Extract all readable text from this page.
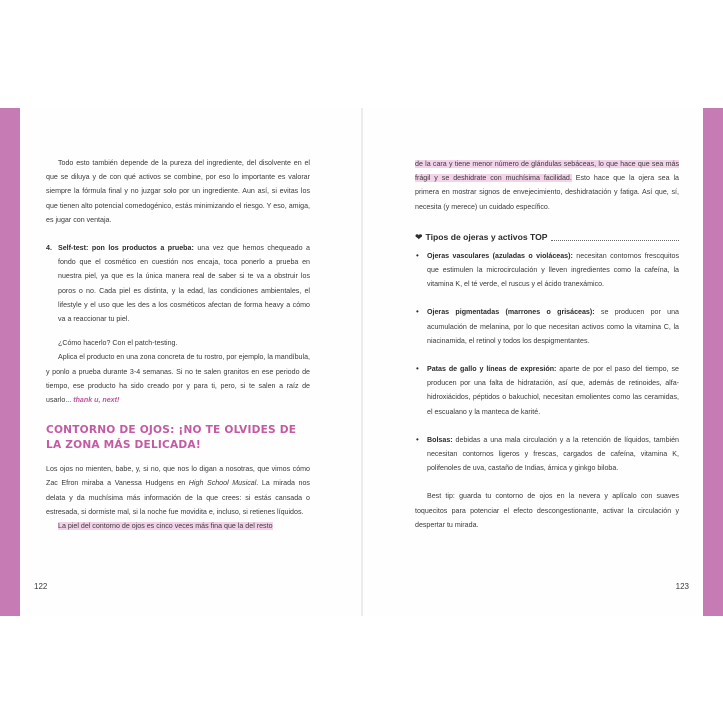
Todo esto también depende de la pureza del ingrediente, del disolvente en el que se diluya y de con qué activos se combine, por eso lo importante es valorar siempre la fórmula final y no juzgar solo por un ingrediente. Aun así, si evitas los que tienen alto potencial comedogénico, estás minimizando el riesgo. Y eso, amiga, es jugar con ventaja.

4. Self-test: pon los productos a prueba: una vez que hemos chequeado a fondo que el cosmético en cuestión nos encaja, toca ponerlo a prueba en nuestra piel, ya que es la única manera real de saber si te va a obstruir los poros o no. Cada piel es distinta, y la edad, las condiciones ambientales, el lifestyle y el uso que les des a los cosméticos afectan de forma heavy a cómo va a reaccionar tu piel.

¿Cómo hacerlo? Con el patch-testing.

Aplica el producto en una zona concreta de tu rostro, por ejemplo, la mandíbula, y ponlo a prueba durante 3-4 semanas. Si no te salen granitos en ese periodo de tiempo, ese producto ha sido creado por y para ti, pero, si te salen a raíz de usarlo... thank u, next!

CONTORNO DE OJOS: ¡NO TE OLVIDES DE LA ZONA MÁS DELICADA!

Los ojos no mienten, babe, y, si no, que nos lo digan a nosotras, que vimos cómo Zac Efron miraba a Vanessa Hudgens en High School Musical. La mirada nos delata y da muchísima más información de la que crees: si estás cansada o estresada, si dormiste mal, si la noche fue movidita e, incluso, si retienes líquidos.

La piel del contorno de ojos es cinco veces más fina que la del resto

122

de la cara y tiene menor número de glándulas sebáceas, lo que hace que sea más frágil y se deshidrate con muchísima facilidad. Esto hace que la ojera sea la primera en mostrar signos de envejecimiento, deshidratación y fatiga. Así que, sí, necesita (y merece) un cuidado específico.

❤ Tipos de ojeras y activos TOP
• Ojeras vasculares (azuladas o violáceas): necesitan contornos frescquitos que estimulen la microcirculación y lleven ingredientes como la cafeína, la vitamina K, el té verde, el ruscus y el ácido tranexámico.
• Ojeras pigmentadas (marrones o grisáceas): se producen por una acumulación de melanina, por lo que necesitan activos como la vitamina C, la niacinamida, el retinol y todos los despigmentantes.
• Patas de gallo y líneas de expresión: aparte de por el paso del tiempo, se producen por una falta de hidratación, así que, además de retinoides, alfa-hidroxiácidos, péptidos o bakuchiol, necesitan emolientes como las ceramidas, el escualano y la manteca de karité.
• Bolsas: debidas a una mala circulación y a la retención de líquidos, también necesitan contornos ligeros y frescas, cargados de cafeína, vitamina K, polifenoles de uva, castaño de Indias, árnica y ginkgo biloba.

Best tip: guarda tu contorno de ojos en la nevera y aplícalo con suaves toquecitos para potenciar el efecto descongestionante, activar la circulación y despertar tu mirada.

123
